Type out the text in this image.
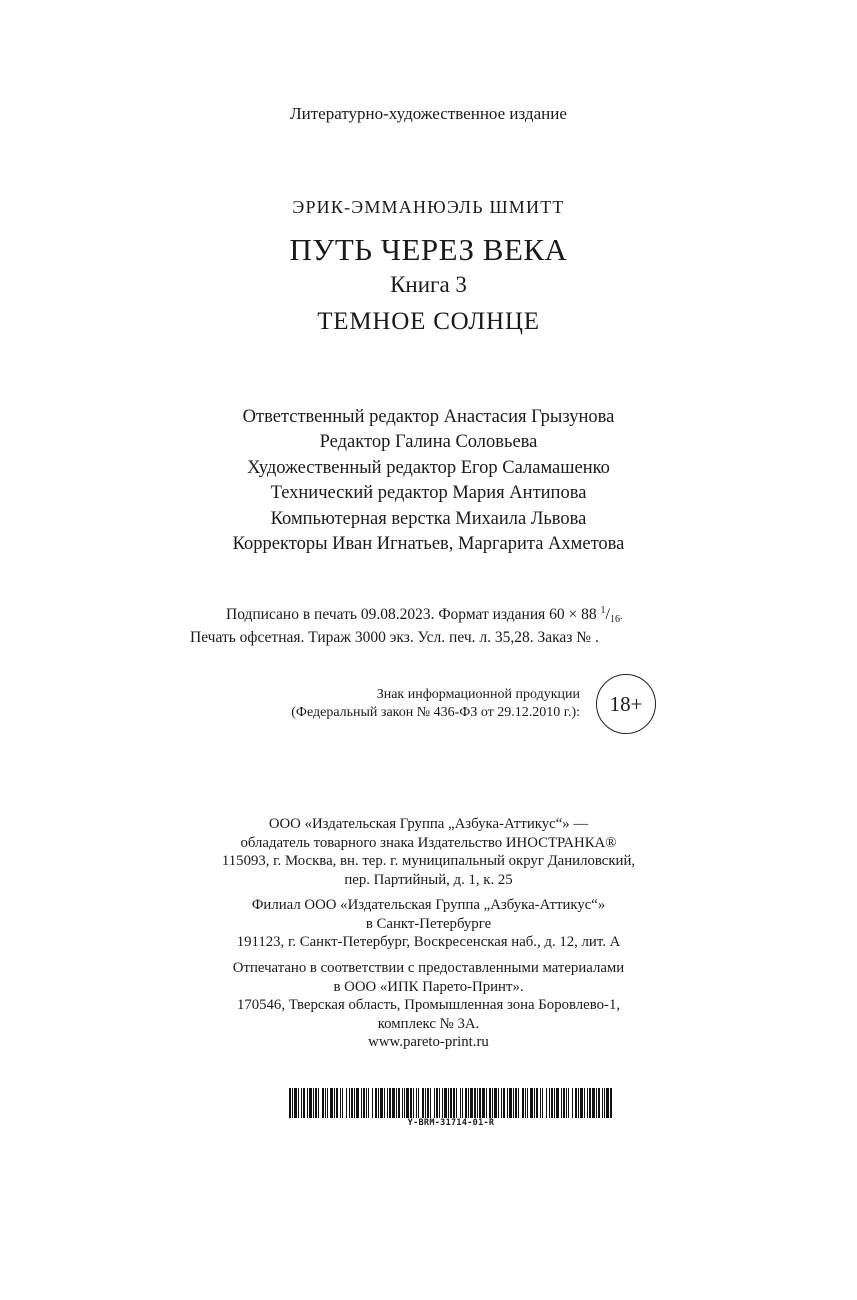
Литературно-художественное издание
ЭРИК-ЭММАНЮЭЛЬ ШМИТТ
ПУТЬ ЧЕРЕЗ ВЕКА
Книга 3
ТЕМНОЕ СОЛНЦЕ
Ответственный редактор Анастасия Грызунова
Редактор Галина Соловьева
Художественный редактор Егор Саламашенко
Технический редактор Мария Антипова
Компьютерная верстка Михаила Львова
Корректоры Иван Игнатьев, Маргарита Ахметова
Подписано в печать 09.08.2023. Формат издания 60 × 88 1/16.
Печать офсетная. Тираж 3000 экз. Усл. печ. л. 35,28. Заказ № .
Знак информационной продукции
(Федеральный закон № 436-ФЗ от 29.12.2010 г.):	18+
ООО «Издательская Группа „Азбука-Аттикус“» —
обладатель товарного знака Издательство ИНОСТРАНКА®
115093, г. Москва, вн. тер. г. муниципальный округ Даниловский,
пер. Партийный, д. 1, к. 25
Филиал ООО «Издательская Группа „Азбука-Аттикус“»
в Санкт-Петербурге
191123, г. Санкт-Петербург, Воскресенская наб., д. 12, лит. А
Отпечатано в соответствии с предоставленными материалами
в ООО «ИПК Парето-Принт».
170546, Тверская область, Промышленная зона Боровлево-1,
комплекс № 3А.
www.pareto-print.ru
Y-BRM-31714-01-R
